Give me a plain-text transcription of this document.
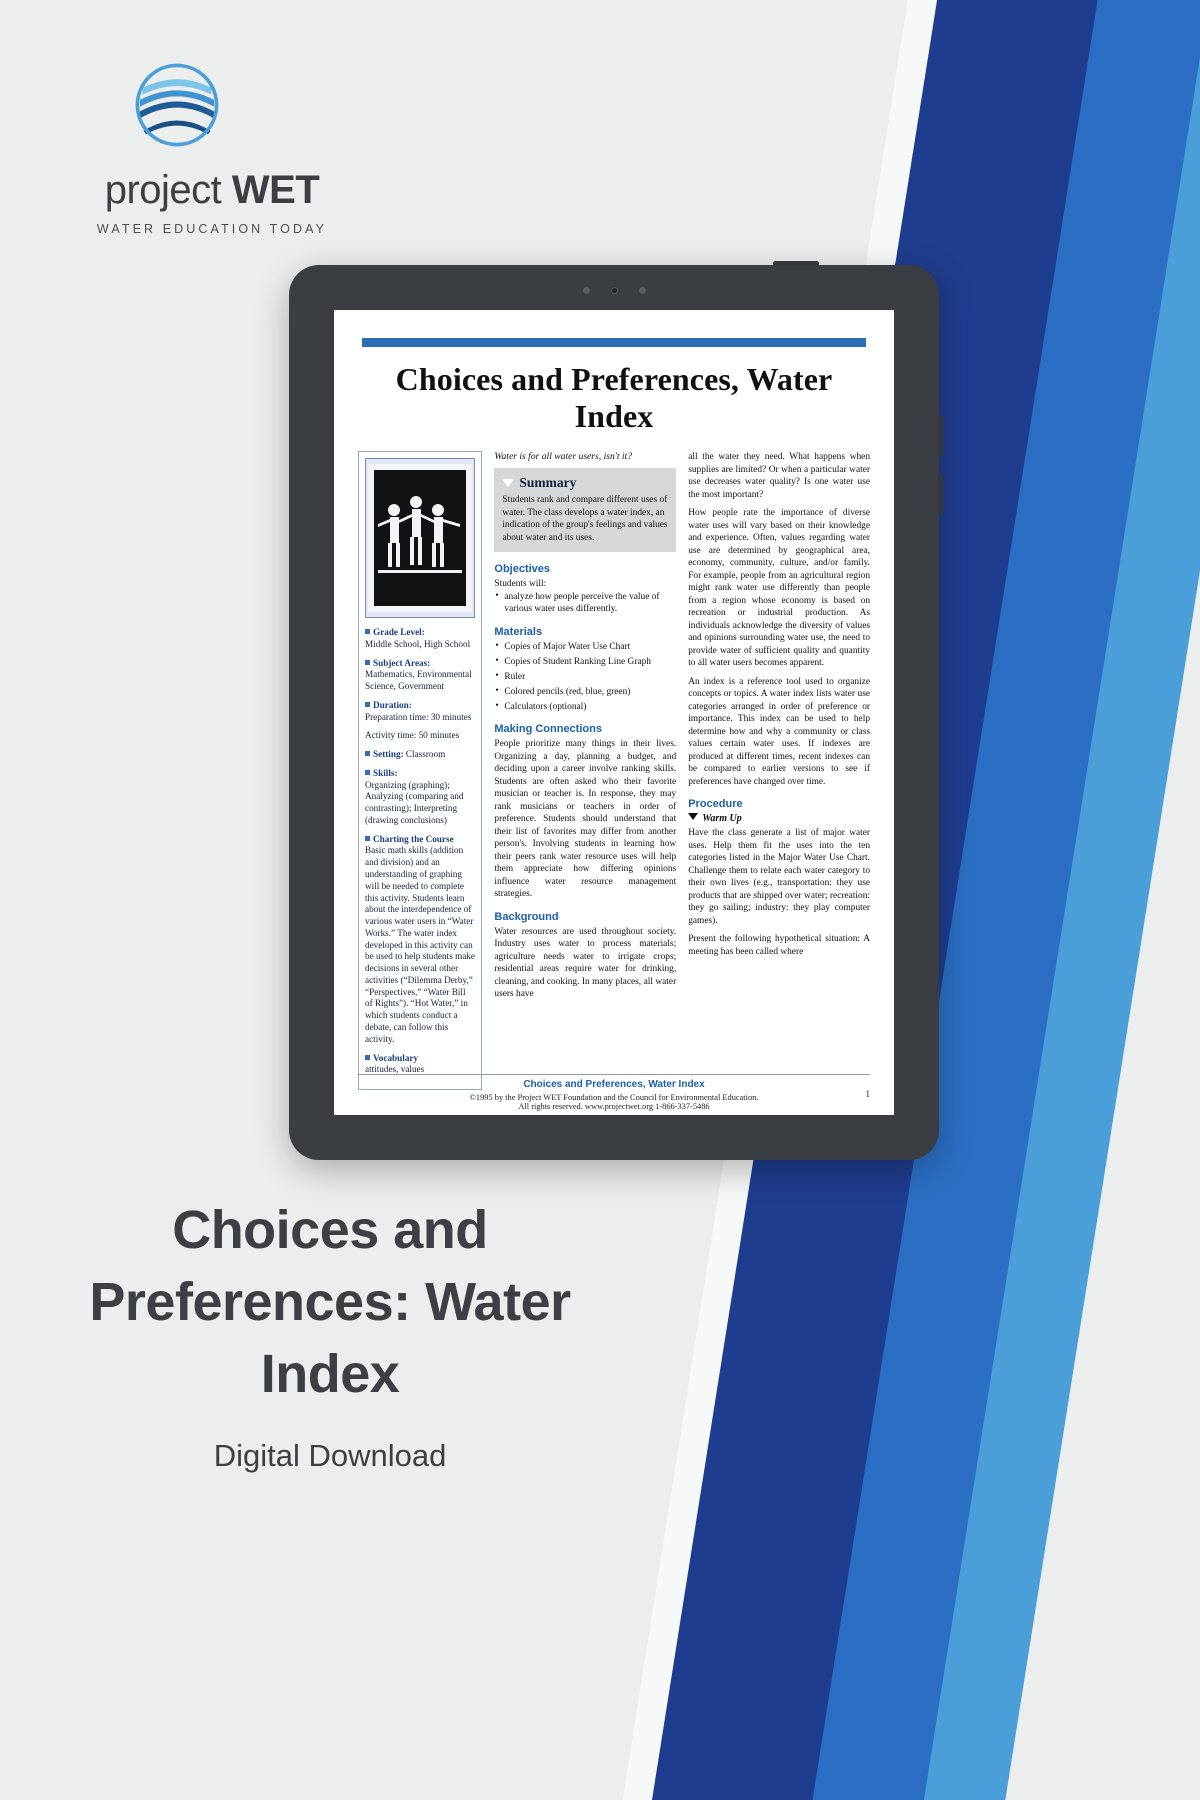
project WET
WATER EDUCATION TODAY
Choices and Preferences, Water Index

Grade Level:
Middle School, High School

Subject Areas:
Mathematics, Environmental Science, Government

Duration:
Preparation time: 30 minutes

Activity time: 50 minutes

Setting: Classroom

Skills:
Organizing (graphing); Analyzing (comparing and contrasting); Interpreting (drawing conclusions)

Charting the Course
Basic math skills (addition and division) and an understanding of graphing will be needed to complete this activity. Students learn about the interdependence of various water users in “Water Works.” The water index developed in this activity can be used to help students make decisions in several other activities (“Dilemma Derby,” “Perspectives,” “Water Bill of Rights”). “Hot Water,” in which students conduct a debate, can follow this activity.

Vocabulary
attitudes, values

Water is for all water users, isn't it?
Summary
Students rank and compare different uses of water. The class develops a water index, an indication of the group's feelings and values about water and its uses.
Objectives
Students will:
• analyze how people perceive the value of various water uses differently.
Materials
• Copies of Major Water Use Chart
• Copies of Student Ranking Line Graph
• Ruler
• Colored pencils (red, blue, green)
• Calculators (optional)
Making Connections

People prioritize many things in their lives. Organizing a day, planning a budget, and deciding upon a career involve ranking skills. Students are often asked who their favorite musician or teacher is. In response, they may rank musicians or teachers in order of preference. Students should understand that their list of favorites may differ from another person's. Involving students in learning how their peers rank water resource uses will help them appreciate how differing opinions influence water resource management strategies.

Background

Water resources are used throughout society. Industry uses water to process materials; agriculture needs water to irrigate crops; residential areas require water for drinking, cleaning, and cooking. In many places, all water users have

all the water they need. What happens when supplies are limited? Or when a particular water use decreases water quality? Is one water use the most important?

How people rate the importance of diverse water uses will vary based on their knowledge and experience. Often, values regarding water use are determined by geographical area, economy, community, culture, and/or family. For example, people from an agricultural region might rank water use differently than people from a region whose economy is based on recreation or industrial production. As individuals acknowledge the diversity of values and opinions surrounding water use, the need to provide water of sufficient quality and quantity to all water users becomes apparent.

An index is a reference tool used to organize concepts or topics. A water index lists water use categories arranged in order of preference or importance. This index can be used to help determine how and why a community or class values certain water uses. If indexes are produced at different times, recent indexes can be compared to earlier versions to see if preferences have changed over time.

Procedure
Warm Up

Have the class generate a list of major water uses. Help them fit the uses into the ten categories listed in the Major Water Use Chart. Challenge them to relate each water category to their own lives (e.g., transportation: they use products that are shipped over water; recreation: they go sailing; industry: they play computer games).

Present the following hypothetical situation: A meeting has been called where

Choices and Preferences, Water Index
©1995 by the Project WET Foundation and the Council for Environmental Education.
All rights reserved. www.projectwet.org 1-866-337-5486
1
Choices and Preferences: Water Index
Digital Download
